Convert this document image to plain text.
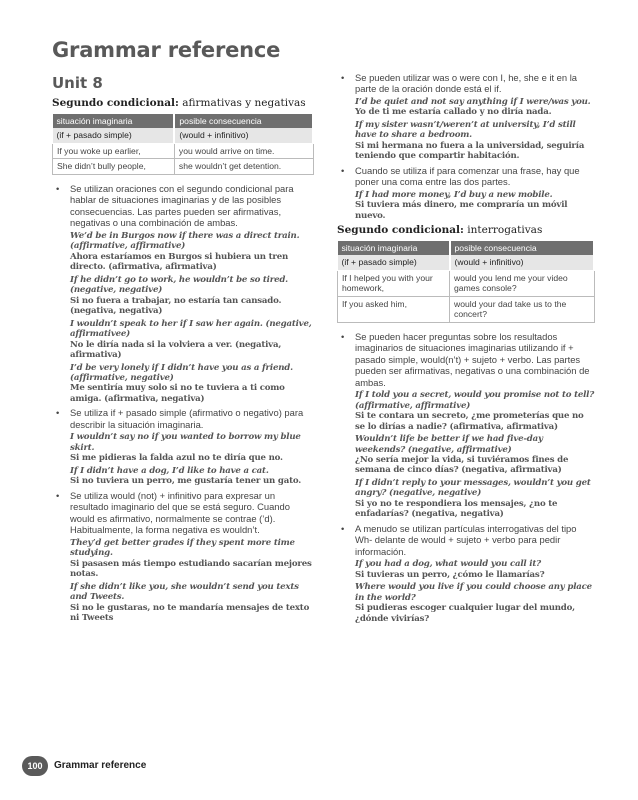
Grammar reference
Unit 8
Segundo condicional: afirmativas y negativas
situación imaginaria	posible consecuencia
(if + pasado simple)	(would + infinitivo)
If you woke up earlier,	you would arrive on time.
She didn’t bully people,	she wouldn’t get detention.
• Se utilizan oraciones con el segundo condicional para hablar de situaciones imaginarias y de las posibles consecuencias. Las partes pueden ser afirmativas, negativas o una combinación de ambas.
We’d be in Burgos now if there was a direct train. (affirmative, affirmative)
Ahora estaríamos en Burgos si hubiera un tren directo. (afirmativa, afirmativa)
If he didn’t go to work, he wouldn’t be so tired. (negative, negative)
Si no fuera a trabajar, no estaría tan cansado. (negativa, negativa)
I wouldn’t speak to her if I saw her again. (negative, affirmativee)
No le diría nada si la volviera a ver. (negativa, afirmativa)
I’d be very lonely if I didn’t have you as a friend. (affirmative, negative)
Me sentiría muy solo si no te tuviera a ti como amiga. (afirmativa, negativa)
• Se utiliza if + pasado simple (afirmativo o negativo) para describir la situación imaginaria.
I wouldn’t say no if you wanted to borrow my blue skirt.
Si me pidieras la falda azul no te diría que no.
If I didn’t have a dog, I’d like to have a cat.
Si no tuviera un perro, me gustaría tener un gato.
• Se utiliza would (not) + infinitivo para expresar un resultado imaginario del que se está seguro. Cuando would es afirmativo, normalmente se contrae (’d). Habitualmente, la forma negativa es wouldn’t.
They’d get better grades if they spent more time studying.
Si pasasen más tiempo estudiando sacarían mejores notas.
If she didn’t like you, she wouldn’t send you texts and Tweets.
Si no le gustaras, no te mandaría mensajes de texto ni Tweets
• Se pueden utilizar was o were con I, he, she e it en la parte de la oración donde está el if.
I’d be quiet and not say anything if I were/was you.
Yo de ti me estaría callado y no diría nada.
If my sister wasn’t/weren’t at university, I’d still have to share a bedroom.
Si mi hermana no fuera a la universidad, seguiría teniendo que compartir habitación.
• Cuando se utiliza if para comenzar una frase, hay que poner una coma entre las dos partes.
If I had more money, I’d buy a new mobile.
Si tuviera más dinero, me compraría un móvil nuevo.
Segundo condicional: interrogativas
situación imaginaria	posible consecuencia
(if + pasado simple)	(would + infinitivo)
If I helped you with your homework,	would you lend me your video games console?
If you asked him,	would your dad take us to the concert?
• Se pueden hacer preguntas sobre los resultados imaginarios de situaciones imaginarias utilizando if + pasado simple, would(n’t) + sujeto + verbo. Las partes pueden ser afirmativas, negativas o una combinación de ambas.
If I told you a secret, would you promise not to tell? (affirmative, affirmative)
Si te contara un secreto, ¿me prometerías que no se lo dirías a nadie? (afirmativa, afirmativa)
Wouldn’t life be better if we had five-day weekends? (negative, affirmative)
¿No sería mejor la vida, si tuviéramos fines de semana de cinco días? (negativa, afirmativa)
If I didn’t reply to your messages, wouldn’t you get angry? (negative, negative)
Si yo no te respondiera los mensajes, ¿no te enfadarías? (negativa, negativa)
• A menudo se utilizan partículas interrogativas del tipo Wh- delante de would + sujeto + verbo para pedir información.
If you had a dog, what would you call it?
Si tuvieras un perro, ¿cómo le llamarías?
Where would you live if you could choose any place in the world?
Si pudieras escoger cualquier lugar del mundo, ¿dónde vivirías?
100	Grammar reference
